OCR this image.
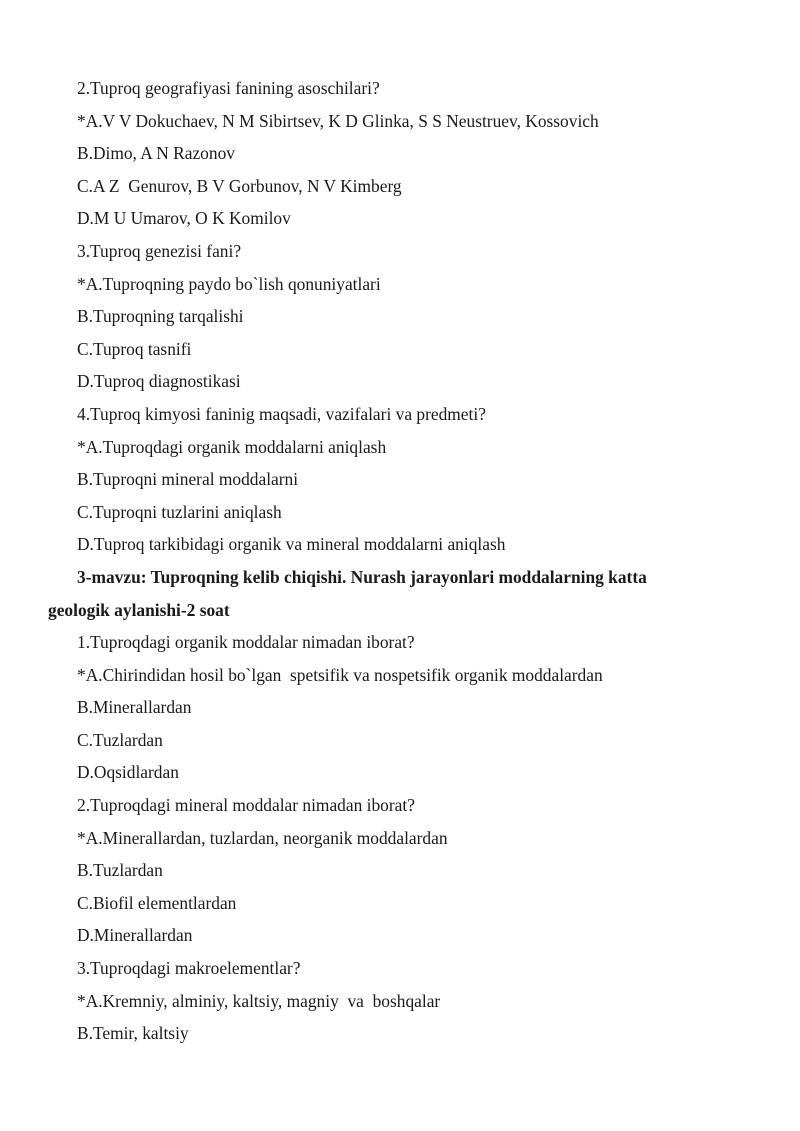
2.Tuproq geografiyasi fanining asoschilari?
*A.V V Dokuchaev, N M Sibirtsev, K D Glinka, S S Neustruev, Kossovich
B.Dimo, A N Razonov
C.A Z  Genurov, B V Gorbunov, N V Kimberg
D.M U Umarov, O K Komilov
3.Tuproq genezisi fani?
*A.Tuproqning paydo bo`lish qonuniyatlari
B.Tuproqning tarqalishi
C.Tuproq tasnifi
D.Tuproq diagnostikasi
4.Tuproq kimyosi faninig maqsadi, vazifalari va predmeti?
*A.Tuproqdagi organik moddalarni aniqlash
B.Tuproqni mineral moddalarni
C.Tuproqni tuzlarini aniqlash
D.Tuproq tarkibidagi organik va mineral moddalarni aniqlash
3-mavzu: Tuproqning kelib chiqishi. Nurash jarayonlari moddalarning katta
geologik aylanishi-2 soat
1.Tuproqdagi organik moddalar nimadan iborat?
*A.Chirindidan hosil bo`lgan  spetsifik va nospetsifik organik moddalardan
B.Minerallardan
C.Tuzlardan
D.Oqsidlardan
2.Tuproqdagi mineral moddalar nimadan iborat?
*A.Minerallardan, tuzlardan, neorganik moddalardan
B.Tuzlardan
C.Biofil elementlardan
D.Minerallardan
3.Tuproqdagi makroelementlar?
*A.Kremniy, alminiy, kaltsiy, magniy  va  boshqalar
B.Temir, kaltsiy
